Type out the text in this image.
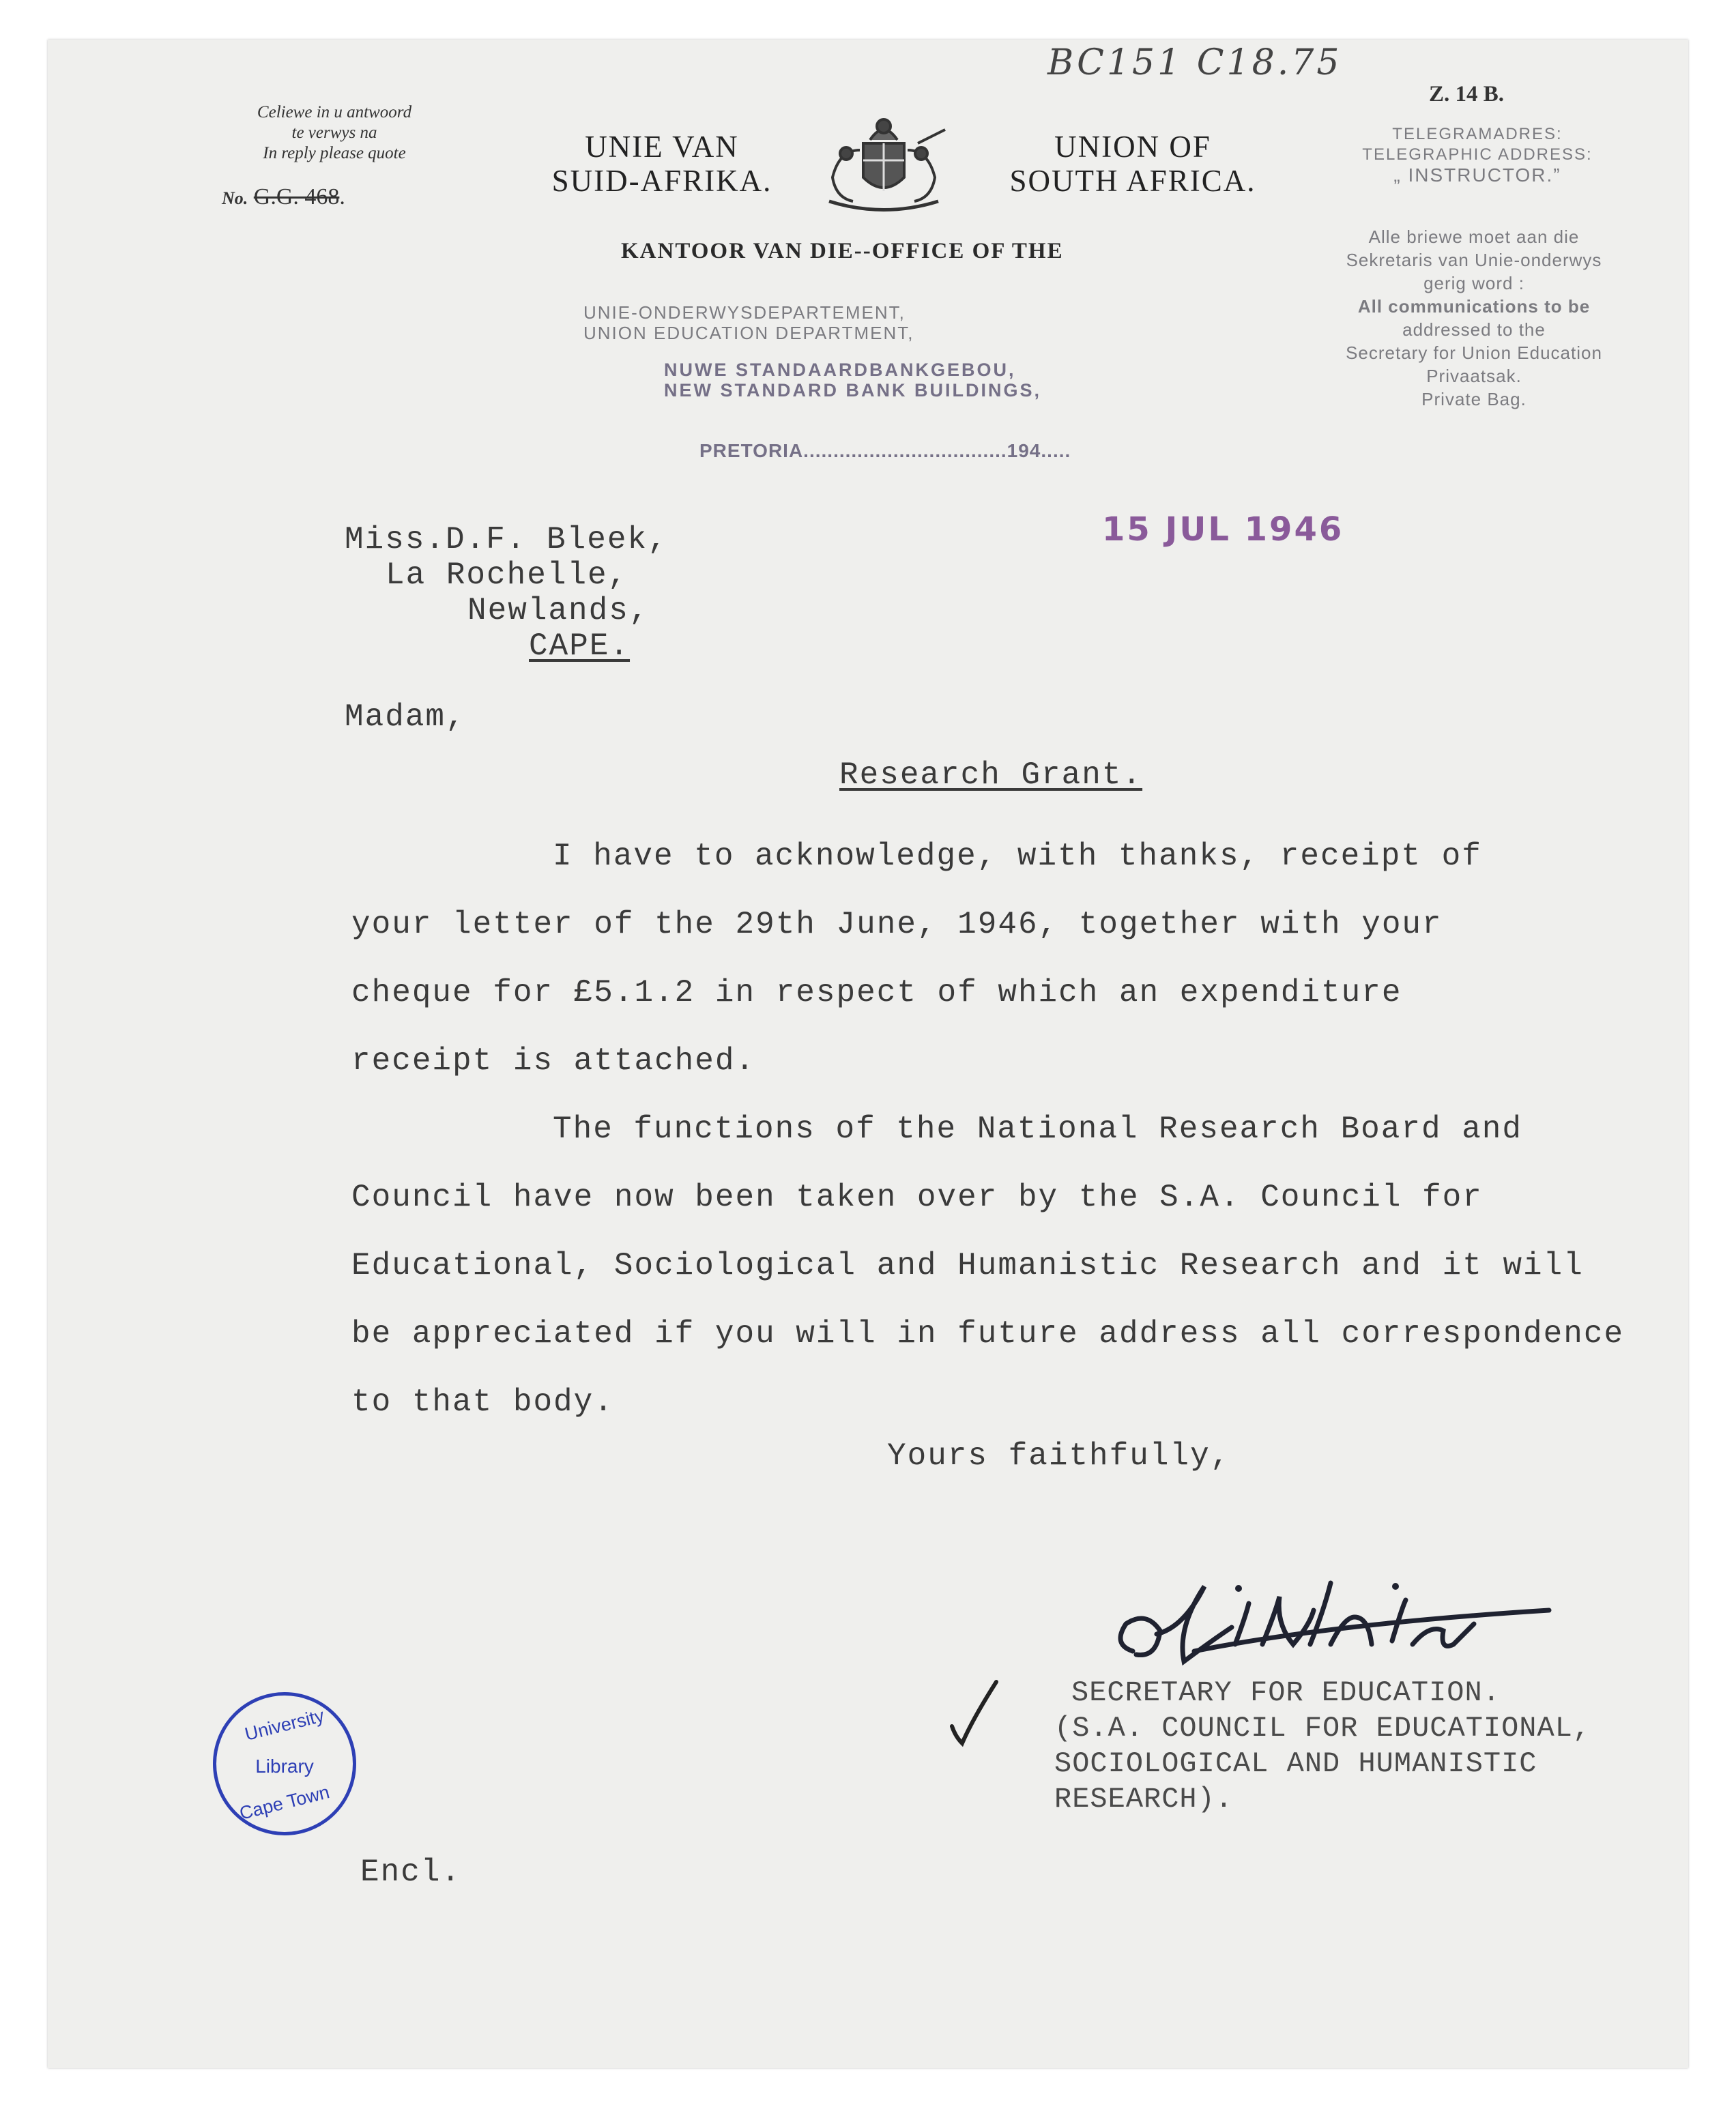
BC151 C18.75
Celiewe in u antwoord
te verwys na
In reply please quote
No. G.G. 468.
UNIE VAN
SUID-AFRIKA.
UNION OF
SOUTH AFRICA.
KANTOOR VAN DIE--OFFICE OF THE
UNIE-ONDERWYSDEPARTEMENT,
UNION EDUCATION DEPARTMENT,
NUWE STANDAARDBANKGEBOU,
NEW STANDARD BANK BUILDINGS,
PRETORIA..................................194.....
Z. 14 B.
TELEGRAMADRES:
TELEGRAPHIC ADDRESS:
„ INSTRUCTOR.”
Alle briewe moet aan die
Sekretaris van Unie-onderwys
gerig word :
All communications to be
addressed to the
Secretary for Union Education
Privaatsak.
Private Bag.
15 JUL 1946
Miss.D.F. Bleek,
La Rochelle,
Newlands,
CAPE.
Madam,
Research Grant.
I have to acknowledge, with thanks, receipt of
your letter of the 29th June, 1946, together with your
cheque for £5.1.2 in respect of which an expenditure
receipt is attached.
The functions of the National Research Board and
Council have now been taken over by the S.A. Council for
Educational, Sociological and Humanistic Research and it will
be appreciated if you will in future address all correspondence
to that body.
Yours faithfully,
SECRETARY FOR EDUCATION.
(S.A. COUNCIL FOR EDUCATIONAL,
SOCIOLOGICAL AND HUMANISTIC
RESEARCH).
University
Library
Cape Town
Encl.
